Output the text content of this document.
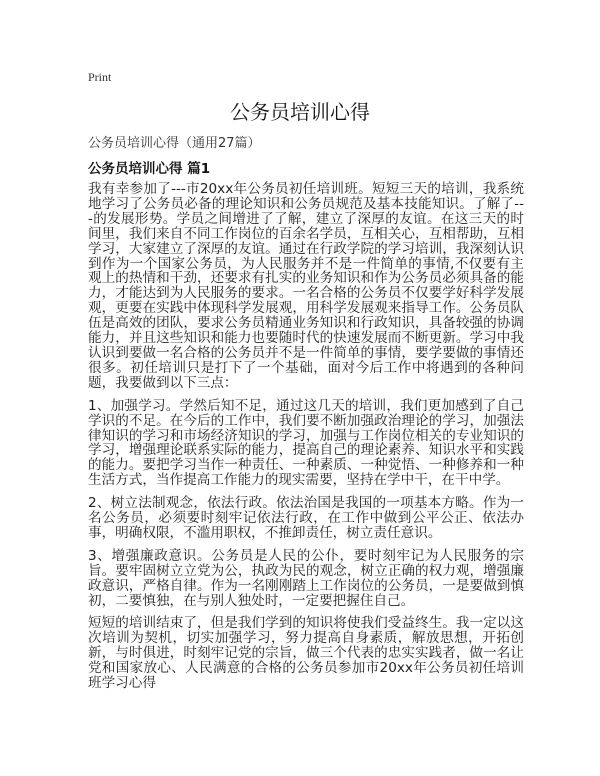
Print
公务员培训心得
公务员培训心得（通用27篇）
公务员培训心得 篇1

我有幸参加了---市20xx年公务员初任培训班。短短三天的培训，我系统地学习了公务员必备的理论知识和公务员规范及基本技能知识。了解了---的发展形势。学员之间增进了了解，建立了深厚的友谊。在这三天的时间里，我们来自不同工作岗位的百余名学员，互相关心，互相帮助，互相学习，大家建立了深厚的友谊。通过在行政学院的学习培训，我深刻认识到作为一个国家公务员，为人民服务并不是一件简单的事情,不仅要有主观上的热情和干劲，还要求有扎实的业务知识和作为公务员必须具备的能力，才能达到为人民服务的要求。一名合格的公务员不仅要学好科学发展观，更要在实践中体现科学发展观，用科学发展观来指导工作。公务员队伍是高效的团队，要求公务员精通业务知识和行政知识，具备较强的协调能力，并且这些知识和能力也要随时代的快速发展而不断更新。学习中我认识到要做一名合格的公务员并不是一件简单的事情，要学要做的事情还很多。初任培训只是打下了一个基础，面对今后工作中将遇到的各种问题，我要做到以下三点：

1、加强学习。学然后知不足，通过这几天的培训，我们更加感到了自己学识的不足。在今后的工作中，我们要不断加强政治理论的学习，加强法律知识的学习和市场经济知识的学习，加强与工作岗位相关的专业知识的学习，增强理论联系实际的能力，提高自己的理论素养、知识水平和实践的能力。要把学习当作一种责任、一种素质、一种觉悟、一种修养和一种生活方式，当作提高工作能力的现实需要，坚持在学中干，在干中学。

2、树立法制观念，依法行政。依法治国是我国的一项基本方略。作为一名公务员，必须要时刻牢记依法行政，在工作中做到公平公正、依法办事，明确权限，不滥用职权，不推卸责任，树立责任意识。

3、增强廉政意识。公务员是人民的公仆，要时刻牢记为人民服务的宗旨。要牢固树立立党为公，执政为民的观念，树立正确的权力观，增强廉政意识，严格自律。作为一名刚刚踏上工作岗位的公务员，一是要做到慎初，二要慎独，在与别人独处时，一定要把握住自己。

短短的培训结束了，但是我们学到的知识将使我们受益终生。我一定以这次培训为契机，切实加强学习，努力提高自身素质，解放思想，开拓创新，与时俱进，时刻牢记党的宗旨，做三个代表的忠实实践者，做一名让党和国家放心、人民满意的合格的公务员参加市20xx年公务员初任培训班学习心得
